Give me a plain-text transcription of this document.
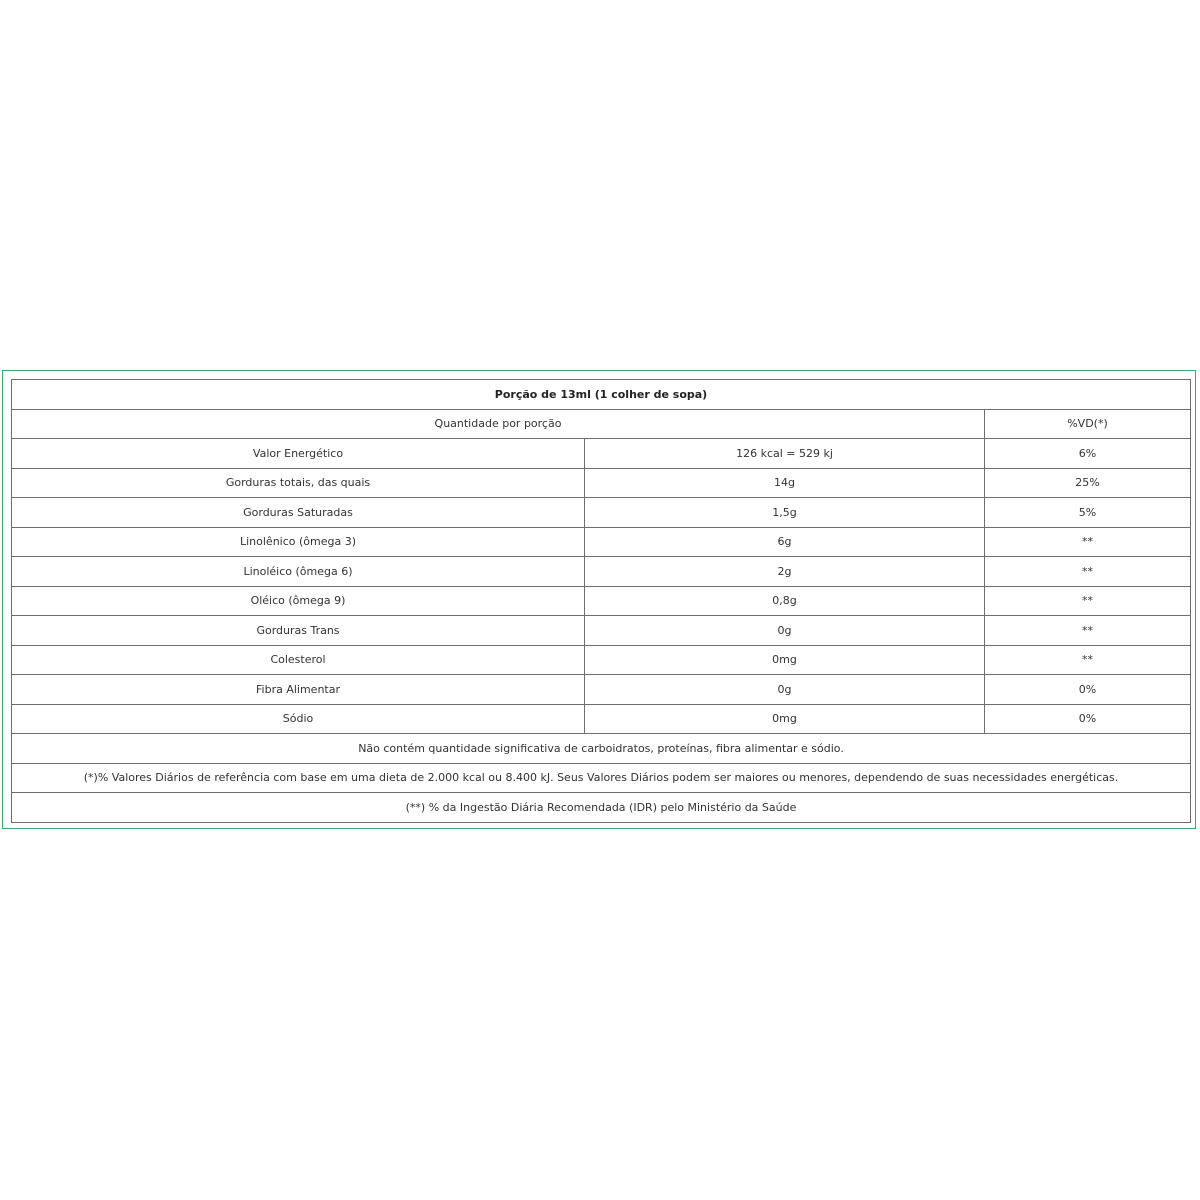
Porção de 13ml (1 colher de sopa)		
Quantidade por porção		%VD(*)
Valor Energético	126 kcal = 529 kj	6%
Gorduras totais, das quais	14g	25%
Gorduras Saturadas	1,5g	5%
Linolênico (ômega 3)	6g	**
Linoléico (ômega 6)	2g	**
Oléico (ômega 9)	0,8g	**
Gorduras Trans	0g	**
Colesterol	0mg	**
Fibra Alimentar	0g	0%
Sódio	0mg	0%
Não contém quantidade significativa de carboidratos, proteínas, fibra alimentar e sódio.		
(*)% Valores Diários de referência com base em uma dieta de 2.000 kcal ou 8.400 kJ. Seus Valores Diários podem ser maiores ou menores, dependendo de suas necessidades energéticas.		
(**) % da Ingestão Diária Recomendada (IDR) pelo Ministério da Saúde		
